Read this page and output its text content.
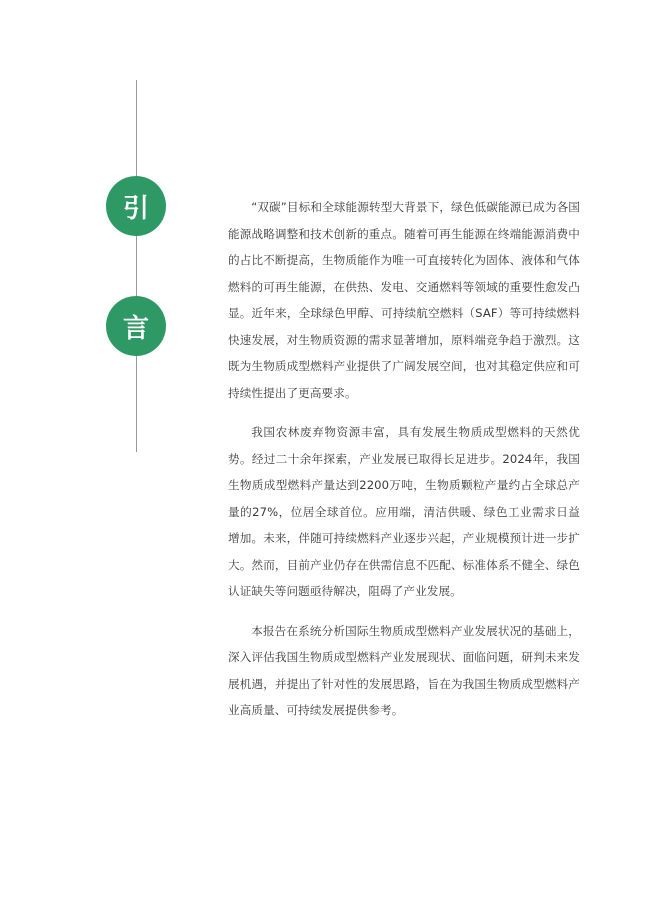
引
言

“双碳”目标和全球能源转型大背景下，绿色低碳能源已成为各国能源战略调整和技术创新的重点。随着可再生能源在终端能源消费中的占比不断提高，生物质能作为唯一可直接转化为固体、液体和气体燃料的可再生能源，在供热、发电、交通燃料等领域的重要性愈发凸显。近年来，全球绿色甲醇、可持续航空燃料（SAF）等可持续燃料快速发展，对生物质资源的需求显著增加，原料端竞争趋于激烈。这既为生物质成型燃料产业提供了广阔发展空间，也对其稳定供应和可持续性提出了更高要求。

我国农林废弃物资源丰富，具有发展生物质成型燃料的天然优势。经过二十余年探索，产业发展已取得长足进步。2024年，我国生物质成型燃料产量达到2200万吨，生物质颗粒产量约占全球总产量的27%，位居全球首位。应用端，清洁供暖、绿色工业需求日益增加。未来，伴随可持续燃料产业逐步兴起，产业规模预计进一步扩大。然而，目前产业仍存在供需信息不匹配、标准体系不健全、绿色认证缺失等问题亟待解决，阻碍了产业发展。

本报告在系统分析国际生物质成型燃料产业发展状况的基础上，深入评估我国生物质成型燃料产业发展现状、面临问题，研判未来发展机遇，并提出了针对性的发展思路，旨在为我国生物质成型燃料产业高质量、可持续发展提供参考。
